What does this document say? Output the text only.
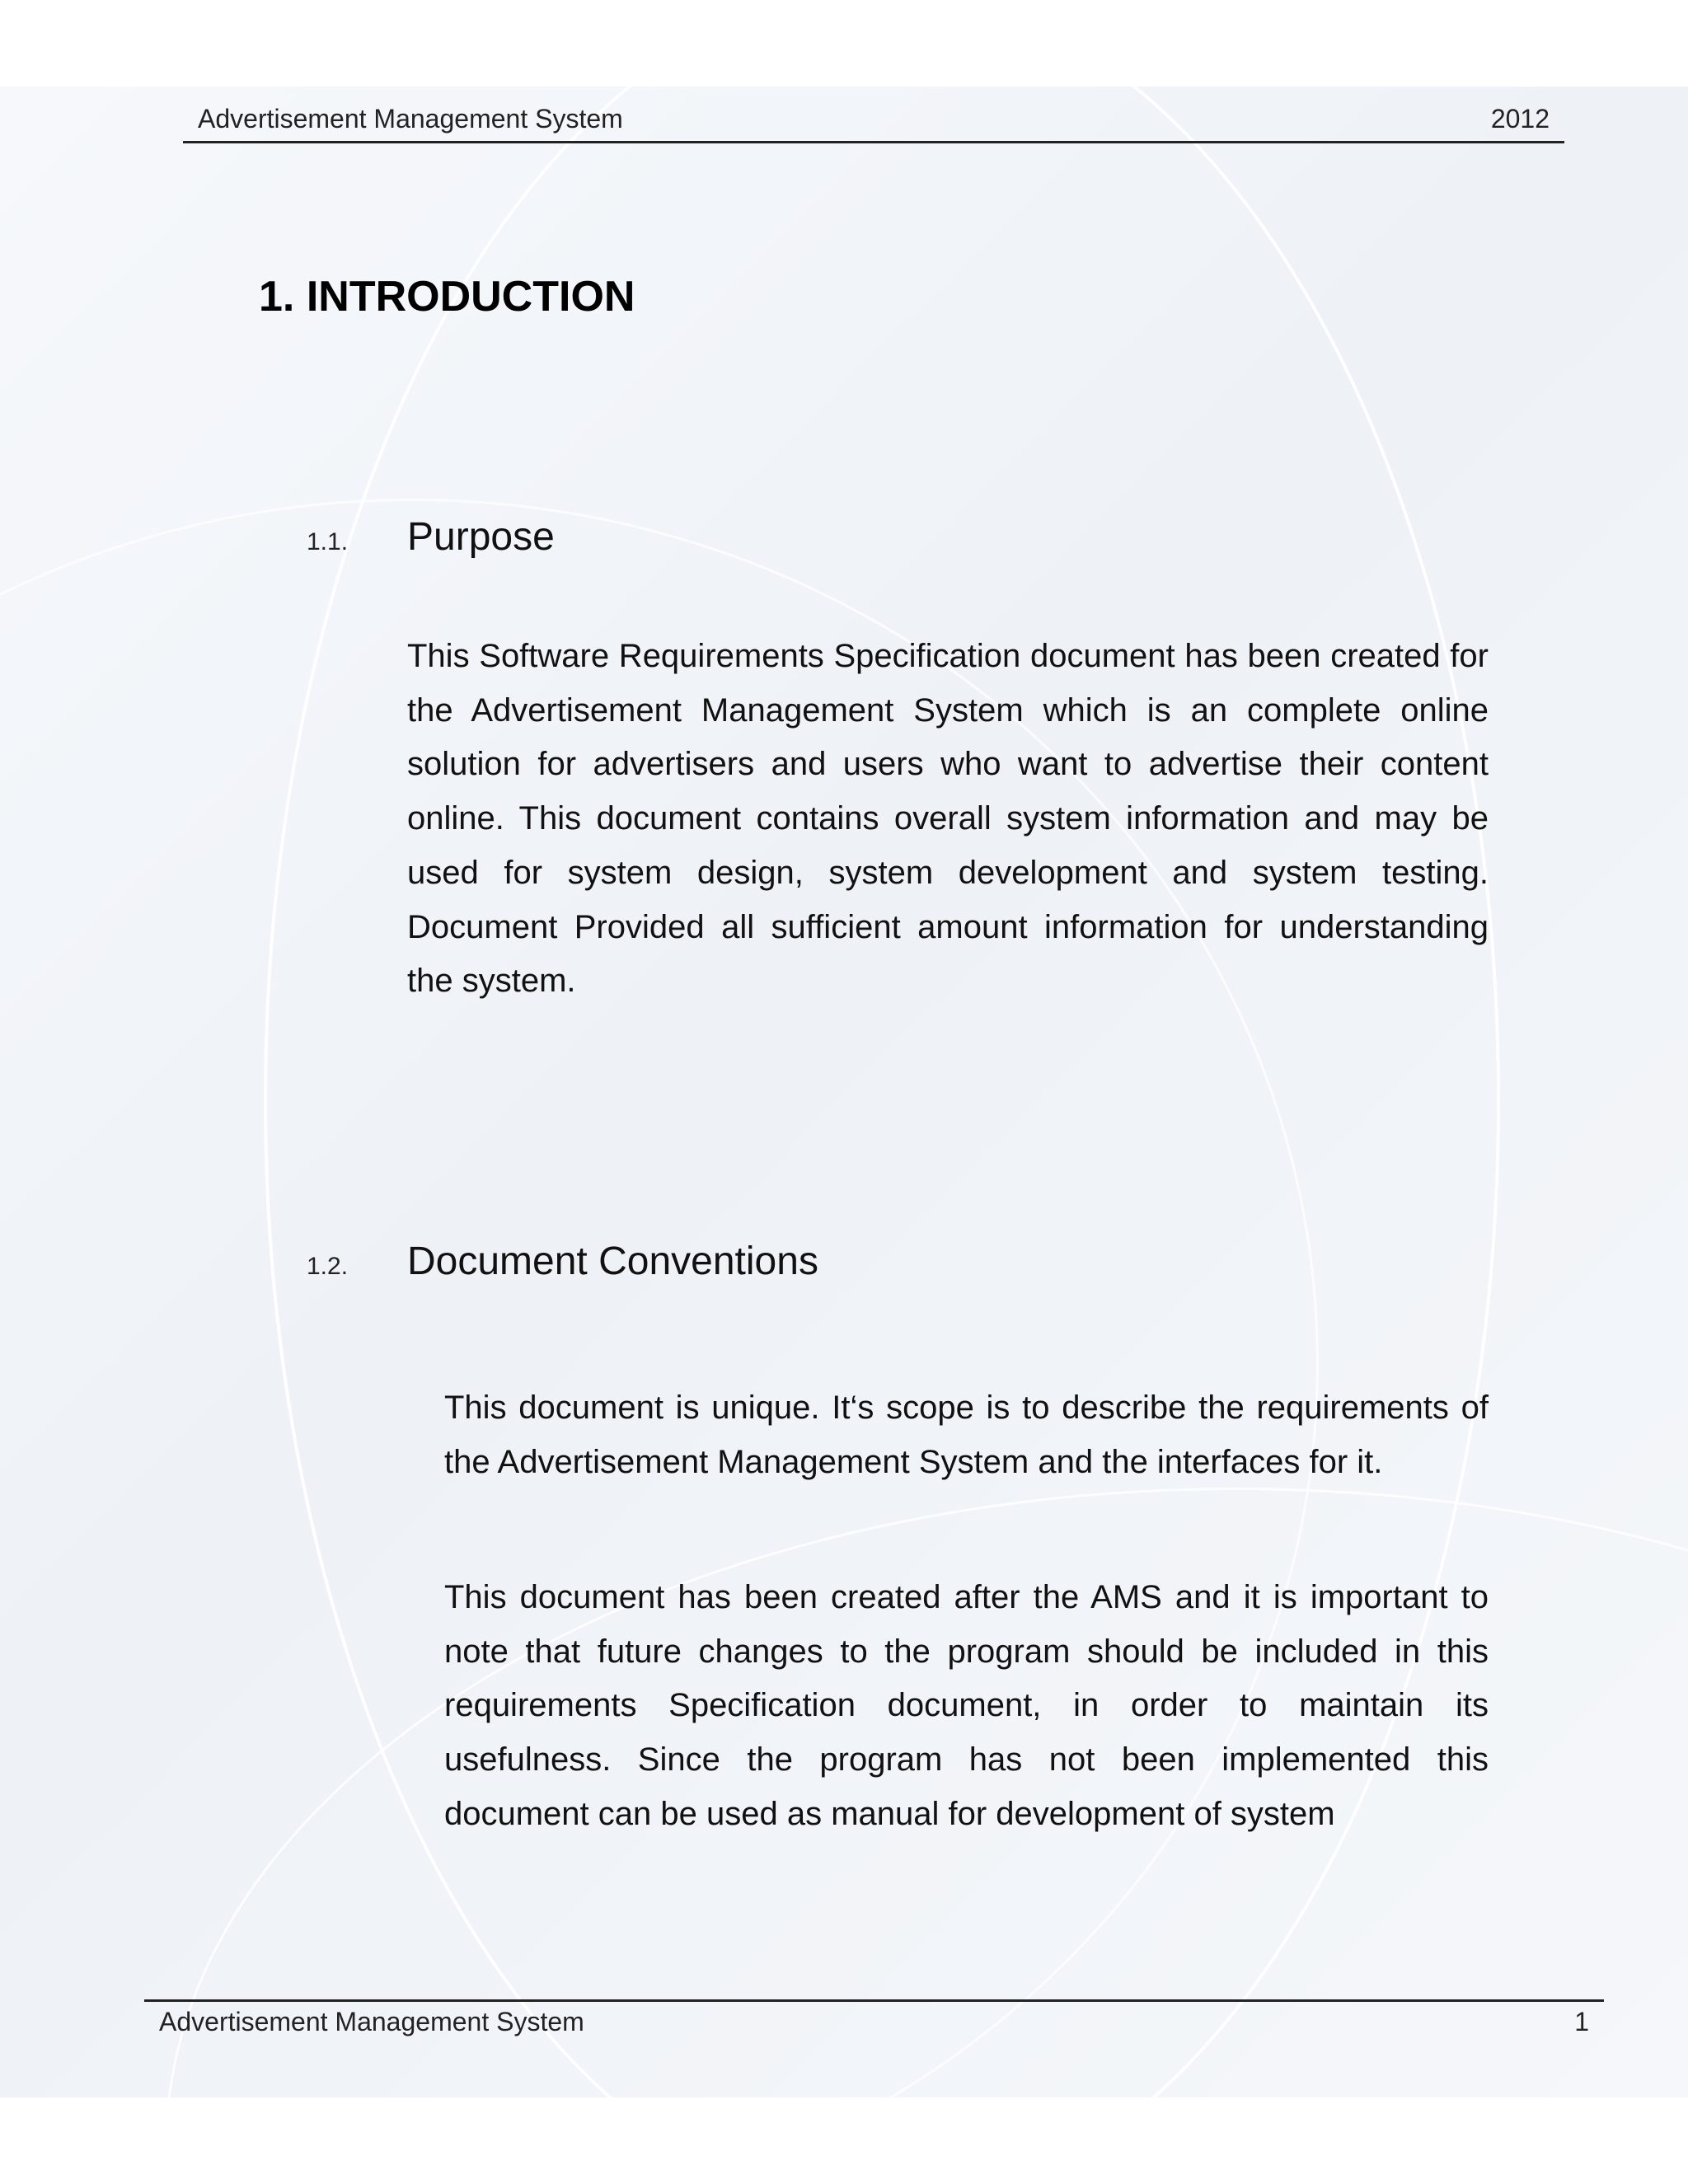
Advertisement Management System	2012
1. INTRODUCTION
1.1.	Purpose

This Software Requirements Specification document has been created for the Advertisement Management System which is an complete online solution for advertisers and users who want to advertise their content online. This document contains overall system information and may be used for system design, system development and system testing. Document Provided all sufficient amount information for understanding the system.

1.2.	Document Conventions

This document is unique. It‘s scope is to describe the requirements of the Advertisement Management System and the interfaces for it.

This document has been created after the AMS and it is important to note that future changes to the program should be included in this requirements Specification document, in order to maintain its usefulness. Since the program has not been implemented this document can be used as manual for development of system

Advertisement Management System	1
